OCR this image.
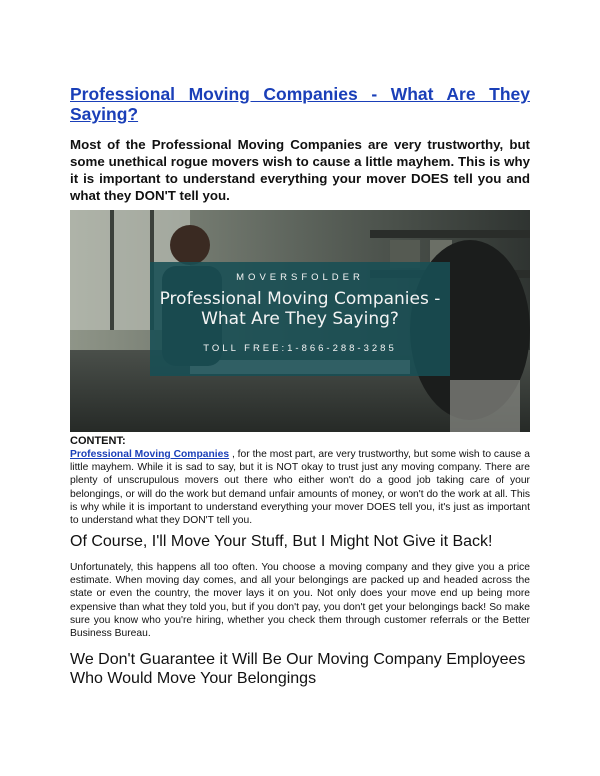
Professional Moving Companies - What Are They Saying?
Most of the Professional Moving Companies are very trustworthy, but some unethical rogue movers wish to cause a little mayhem. This is why it is important to understand everything your mover DOES tell you and what they DON'T tell you.
MOVERSFOLDER
Professional Moving Companies -
What Are They Saying?
TOLL FREE:1-866-288-3285
CONTENT:
Professional Moving Companies , for the most part, are very trustworthy, but some wish to cause a little mayhem. While it is sad to say, but it is NOT okay to trust just any moving company. There are plenty of unscrupulous movers out there who either won't do a good job taking care of your belongings, or will do the work but demand unfair amounts of money, or won't do the work at all. This is why while it is important to understand everything your mover DOES tell you, it's just as important to understand what they DON'T tell you.
Of Course, I'll Move Your Stuff, But I Might Not Give it Back!
Unfortunately, this happens all too often. You choose a moving company and they give you a price estimate. When moving day comes, and all your belongings are packed up and headed across the state or even the country, the mover lays it on you. Not only does your move end up being more expensive than what they told you, but if you don't pay, you don't get your belongings back! So make sure you know who you're hiring, whether you check them through customer referrals or the Better Business Bureau.
We Don't Guarantee it Will Be Our Moving Company Employees Who Would Move Your Belongings
